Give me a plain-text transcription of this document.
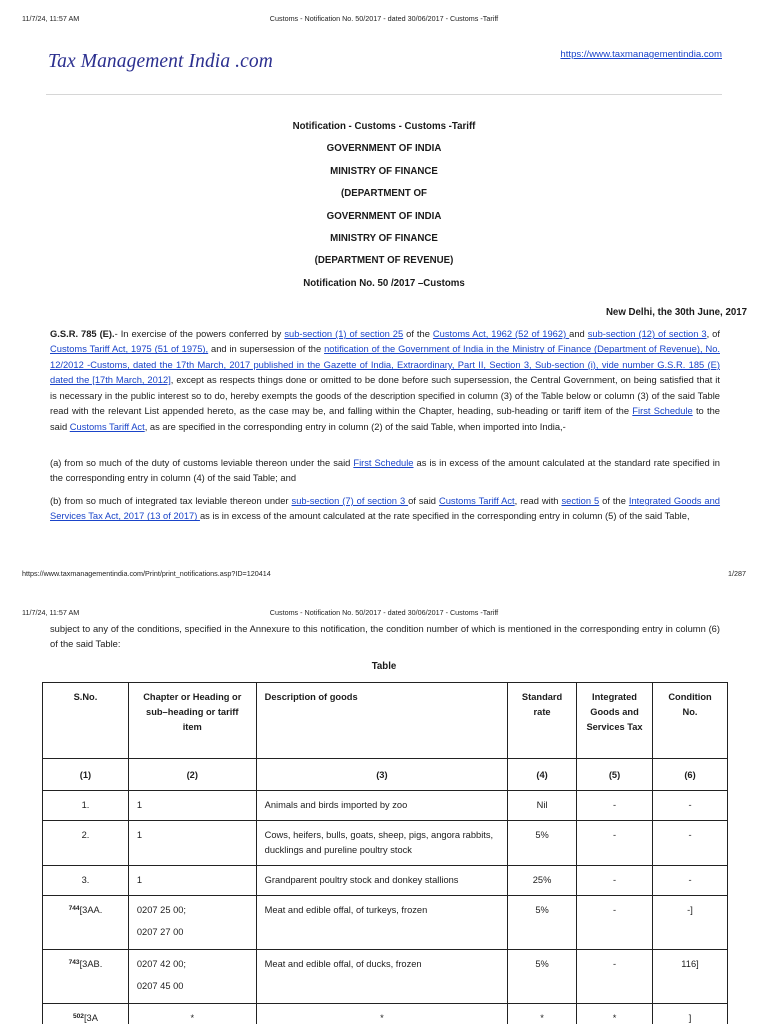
11/7/24, 11:57 AM	Customs - Notification No. 50/2017 - dated 30/06/2017 - Customs -Tariff
Tax Management India .com	https://www.taxmanagementindia.com
Notification - Customs - Customs -Tariff
GOVERNMENT OF INDIA
MINISTRY OF FINANCE
(DEPARTMENT OF
GOVERNMENT OF INDIA
MINISTRY OF FINANCE
(DEPARTMENT OF REVENUE)
Notification No. 50 /2017 –Customs
New Delhi, the 30th June, 2017

G.S.R. 785 (E).- In exercise of the powers conferred by sub-section (1) of section 25 of the Customs Act, 1962 (52 of 1962) and sub-section (12) of section 3, of Customs Tariff Act, 1975 (51 of 1975), and in supersession of the notification of the Government of India in the Ministry of Finance (Department of Revenue), No. 12/2012 -Customs, dated the 17th March, 2017 published in the Gazette of India, Extraordinary, Part II, Section 3, Sub-section (i), vide number G.S.R. 185 (E) dated the [17th March, 2012], except as respects things done or omitted to be done before such supersession, the Central Government, on being satisfied that it is necessary in the public interest so to do, hereby exempts the goods of the description specified in column (3) of the Table below or column (3) of the said Table read with the relevant List appended hereto, as the case may be, and falling within the Chapter, heading, sub-heading or tariff item of the First Schedule to the said Customs Tariff Act, as are specified in the corresponding entry in column (2) of the said Table, when imported into India,-

(a) from so much of the duty of customs leviable thereon under the said First Schedule as is in excess of the amount calculated at the standard rate specified in the corresponding entry in column (4) of the said Table; and

(b) from so much of integrated tax leviable thereon under sub-section (7) of section 3 of said Customs Tariff Act, read with section 5 of the Integrated Goods and Services Tax Act, 2017 (13 of 2017) as is in excess of the amount calculated at the rate specified in the corresponding entry in column (5) of the said Table,

https://www.taxmanagementindia.com/Print/print_notifications.asp?ID=120414	1/287
11/7/24, 11:57 AM	Customs - Notification No. 50/2017 - dated 30/06/2017 - Customs -Tariff

subject to any of the conditions, specified in the Annexure to this notification, the condition number of which is mentioned in the corresponding entry in column (6) of the said Table:

Table
S.No.	Chapter or Heading or sub–heading or tariff item	Description of goods	Standard rate	Integrated Goods and Services Tax	Condition No.
(1)	(2)	(3)	(4)	(5)	(6)
1.	1	Animals and birds imported by zoo	Nil	-	-
2.	1	Cows, heifers, bulls, goats, sheep, pigs, angora rabbits, ducklings and pureline poultry stock	5%	-	-
3.	1	Grandparent poultry stock and donkey stallions	25%	-	-
$^{744}$[3AA.	0207 25 00;
0207 27 00	Meat and edible offal, of turkeys, frozen	5%	-	-]
$^{743}$[3AB.	0207 42 00;
0207 45 00	Meat and edible offal, of ducks, frozen	5%	-	116]
$^{502}$[3A	*	*	*	*	]
